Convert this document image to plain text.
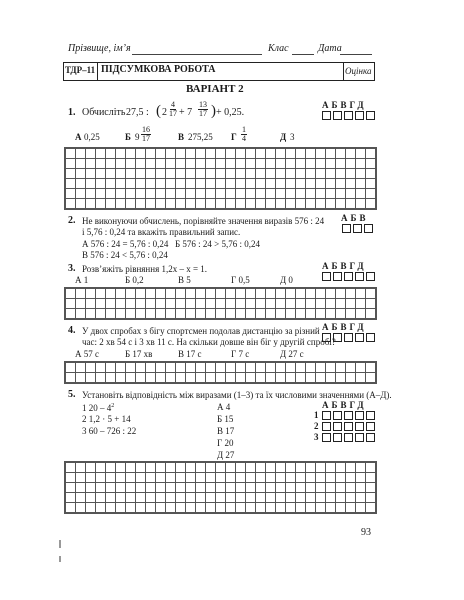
Прізвище, ім’я	Клас	Дата
ТДР–11 ПІДСУМКОВА РОБОТА	Оцінка
ВАРІАНТ 2
1. Обчисліть 27,5 : ( $2 \frac{4}{17} + 7 \frac{13}{17}$ ) + 0,25.
АБВГД
А 0,25	Б $9 \frac{16}{17}$	В 275,25 Г $\frac{1}{4}$	Д 3
2. Не виконуючи обчислень, порівняйте значення виразів 576 : 24
і 5,76 : 0,24 та вкажіть правильний запис.
А 576 : 24 = 5,76 : 0,24 Б 576 : 24 > 5,76 : 0,24
В 576 : 24 < 5,76 : 0,24
АБВ
3. Розв’яжіть рівняння 1,2x – x = 1.	АБВГД
А 1	Б 0,2	В 5	Г 0,5	Д 0
4. У двох спробах з бігу спортсмен подолав дистанцію за різний
час: 2 хв 54 с і 3 хв 11 с. На скільки довше він біг у другій спробі?
АБВГД
А 57 с	Б 17 хв	В 17 с	Г 7 с	Д 27 с
5. Установіть відповідність між виразами (1–3) та їх числовими значеннями (А–Д).
1 $20 - 4^2$
2 1,2 · 5 + 14
3 60 – 726 : 22
А 4
Б 15
В 17
Г 20
Д 27
АБВГД
1
2
3
93
